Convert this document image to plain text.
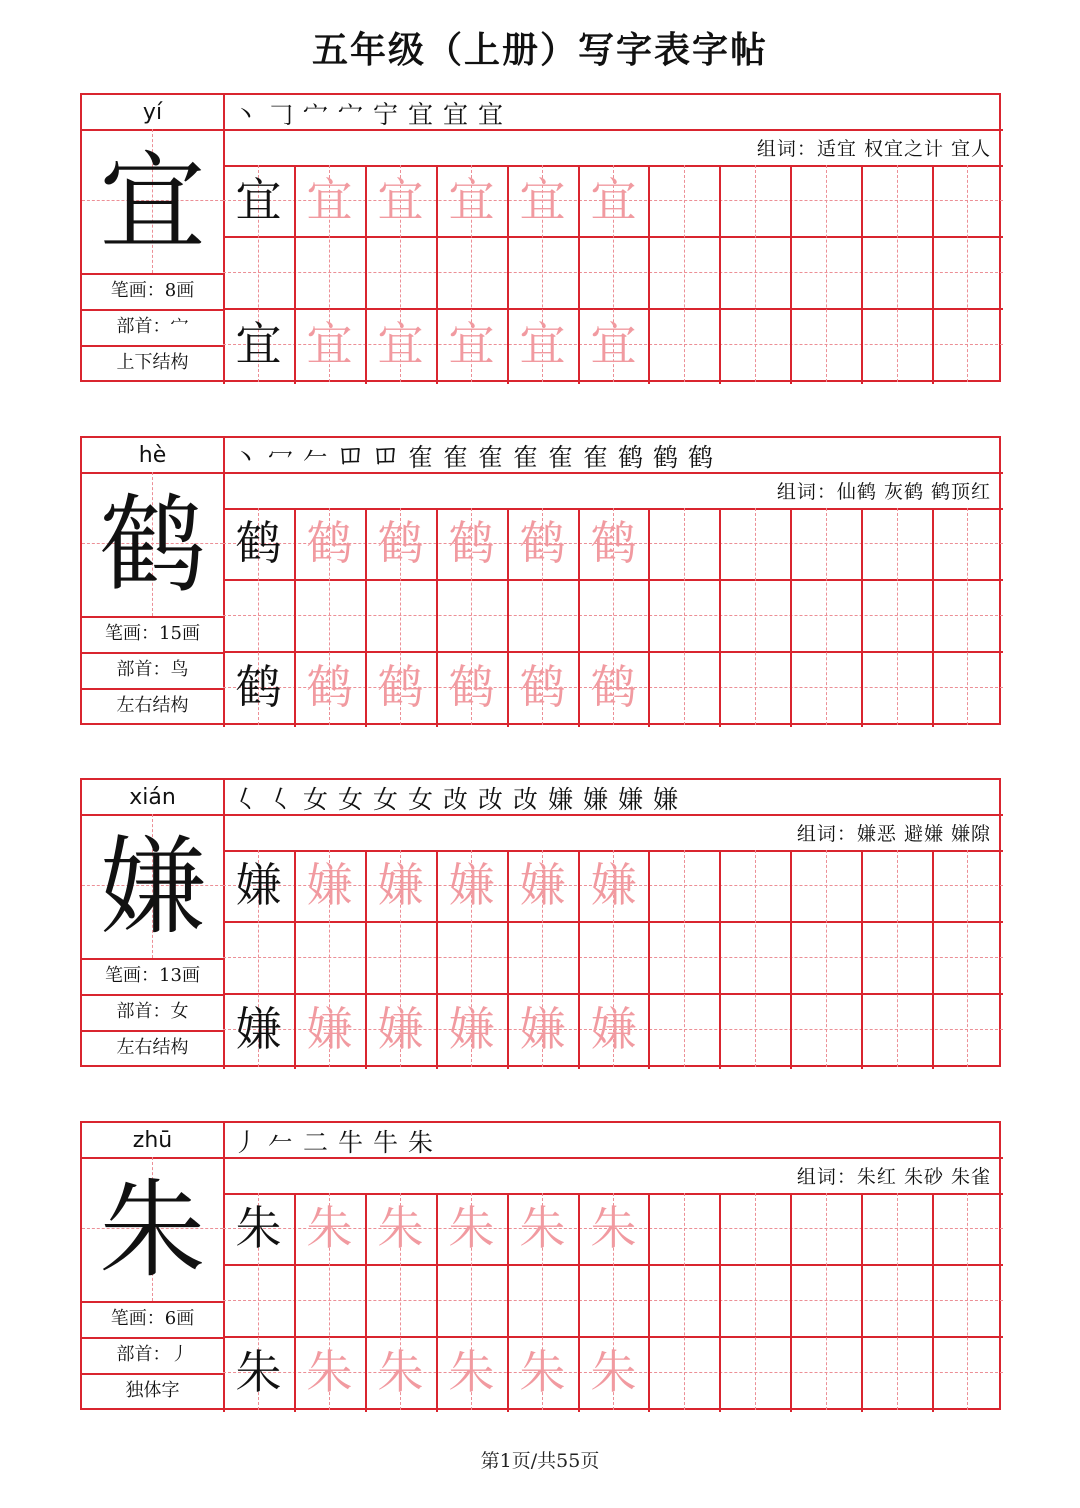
五年级（上册）写字表字帖
yí
宜
笔画：8画
部首：宀
上下结构
丶 𠃌 宀 宀 宁 宜 宜 宜
组词：适宜 权宜之计 宜人
宜 宜 宜 宜 宜 宜
宜 宜 宜 宜 宜 宜
hè
鹤
笔画：15画
部首：鸟
左右结构
丶 冖 𠂉 𫩏 𫩏 隺 隺 隺 隺 隺 隺 鹤 鹤 鹤
组词：仙鹤 灰鹤 鹤顶红
鹤 鹤 鹤 鹤 鹤 鹤
鹤 鹤 鹤 鹤 鹤 鹤
xián
嫌
笔画：13画
部首：女
左右结构
𡿨 𡿨 女 女 女 女 妀 妀 妀 嫌 嫌 嫌 嫌
组词：嫌恶 避嫌 嫌隙
嫌 嫌 嫌 嫌 嫌 嫌
嫌 嫌 嫌 嫌 嫌 嫌
zhū
朱
笔画：6画
部首：丿
独体字
丿 𠂉 二 牛 牛 朱
组词：朱红 朱砂 朱雀
朱 朱 朱 朱 朱 朱
朱 朱 朱 朱 朱 朱
第1页/共55页
